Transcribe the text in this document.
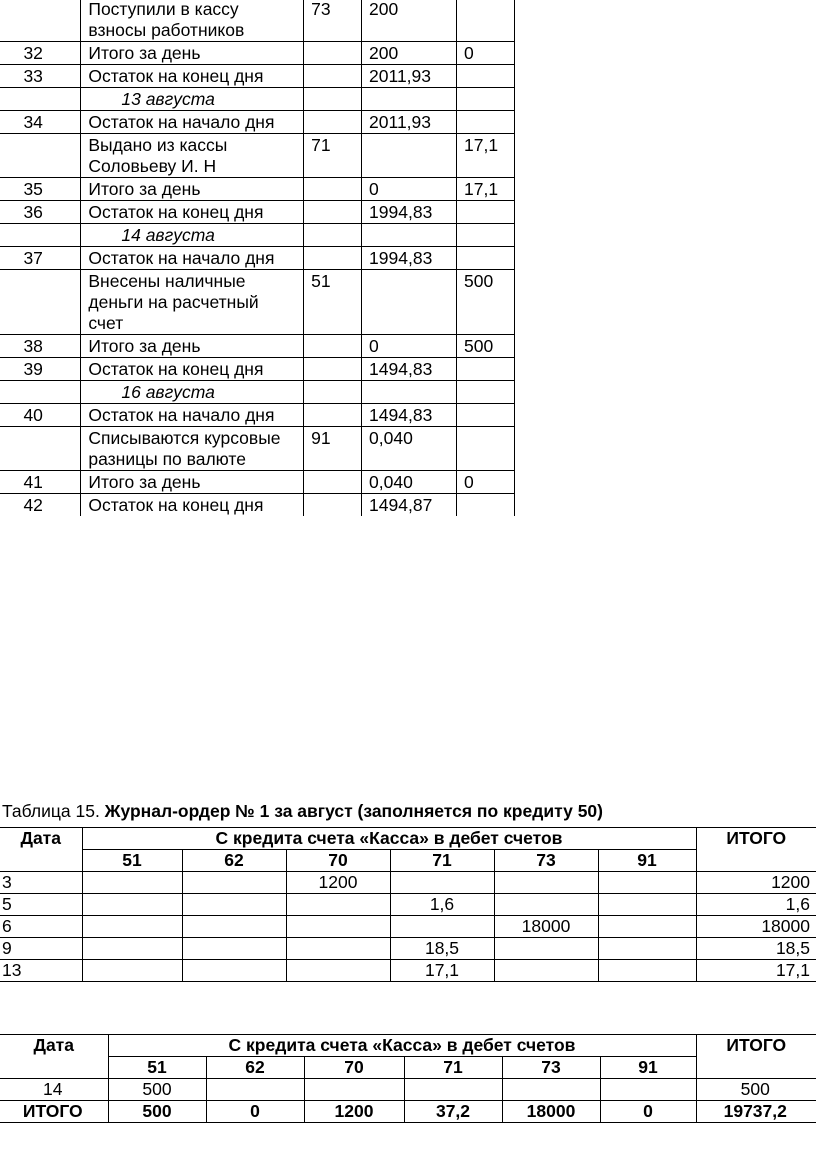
	Поступили в кассу взносы работников	73	200	
32	Итого за день		200	0
33	Остаток на конец дня		2011,93	
	13 августа			
34	Остаток на начало дня		2011,93	
	Выдано из кассы Соловьеву И. Н	71		17,1
35	Итого за день		0	17,1
36	Остаток на конец дня		1994,83	
	14 августа			
37	Остаток на начало дня		1994,83	
	Внесены наличные деньги на расчетный счет	51		500
38	Итого за день		0	500
39	Остаток на конец дня		1494,83	
	16 августа			
40	Остаток на начало дня		1494,83	
	Списываются курсовые разницы по валюте	91	0,040	
41	Итого за день		0,040	0
42	Остаток на конец дня		1494,87	
Таблица 15. Журнал-ордер № 1 за август (заполняется по кредиту 50)
Дата	С кредита счета «Касса» в дебет счетов						ИТОГО
	51	62	70	71	73	91	
3			1200				1200
5				1,6			1,6
6					18000		18000
9				18,5			18,5
13				17,1			17,1
Дата	С кредита счета «Касса» в дебет счетов						ИТОГО
	51	62	70	71	73	91	
14	500						500
ИТОГО	500	0	1200	37,2	18000	0	19737,2
